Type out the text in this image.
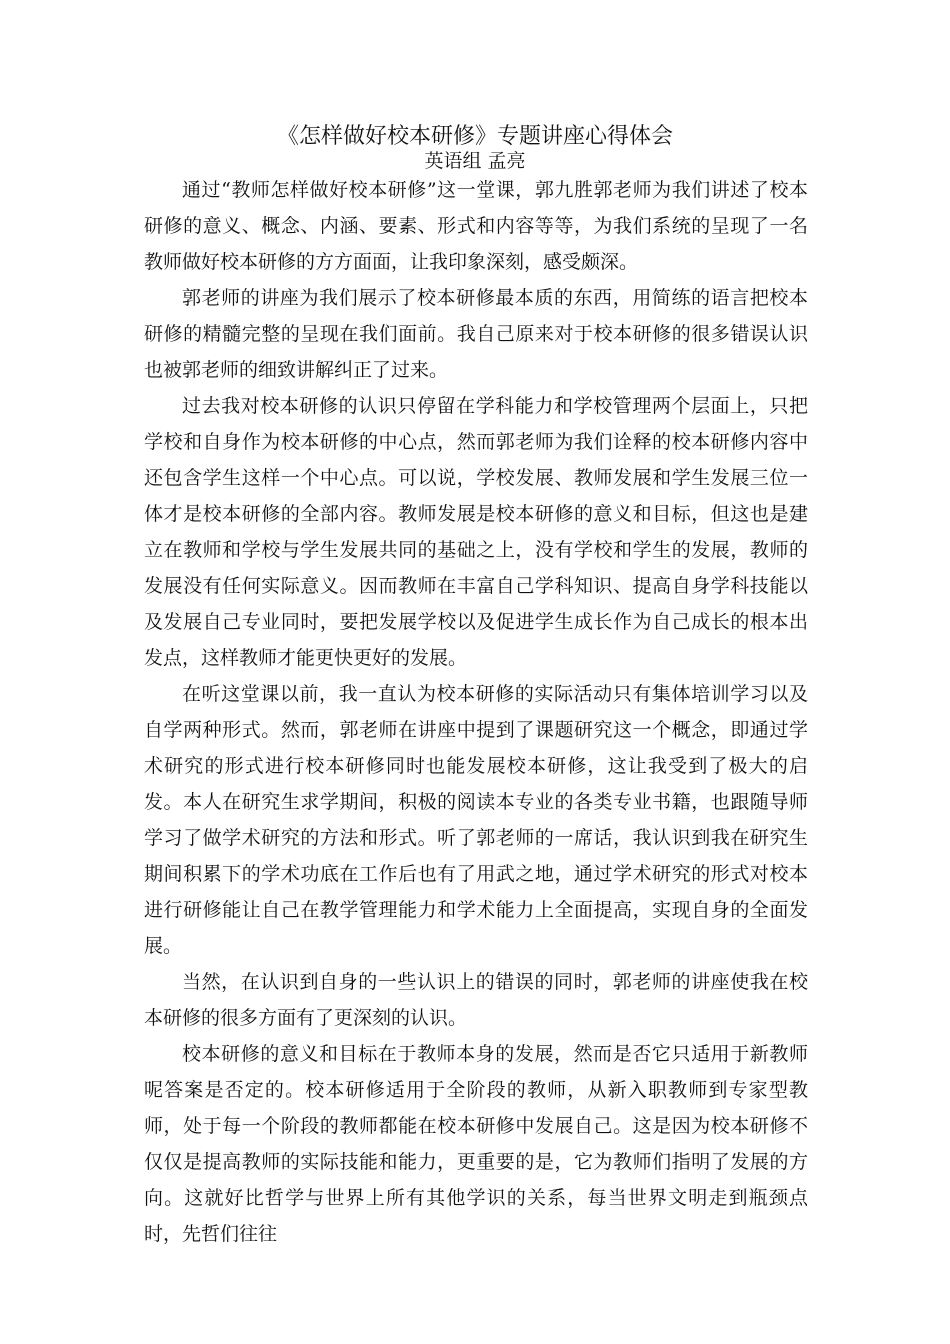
《怎样做好校本研修》专题讲座心得体会
英语组 孟亮

通过“教师怎样做好校本研修”这一堂课，郭九胜郭老师为我们讲述了校本研修的意义、概念、内涵、要素、形式和内容等等，为我们系统的呈现了一名教师做好校本研修的方方面面，让我印象深刻，感受颇深。

郭老师的讲座为我们展示了校本研修最本质的东西，用简练的语言把校本研修的精髓完整的呈现在我们面前。我自己原来对于校本研修的很多错误认识也被郭老师的细致讲解纠正了过来。

过去我对校本研修的认识只停留在学科能力和学校管理两个层面上，只把学校和自身作为校本研修的中心点，然而郭老师为我们诠释的校本研修内容中还包含学生这样一个中心点。可以说，学校发展、教师发展和学生发展三位一体才是校本研修的全部内容。教师发展是校本研修的意义和目标，但这也是建立在教师和学校与学生发展共同的基础之上，没有学校和学生的发展，教师的发展没有任何实际意义。因而教师在丰富自己学科知识、提高自身学科技能以及发展自己专业同时，要把发展学校以及促进学生成长作为自己成长的根本出发点，这样教师才能更快更好的发展。

在听这堂课以前，我一直认为校本研修的实际活动只有集体培训学习以及自学两种形式。然而，郭老师在讲座中提到了课题研究这一个概念，即通过学术研究的形式进行校本研修同时也能发展校本研修，这让我受到了极大的启发。本人在研究生求学期间，积极的阅读本专业的各类专业书籍，也跟随导师学习了做学术研究的方法和形式。听了郭老师的一席话，我认识到我在研究生期间积累下的学术功底在工作后也有了用武之地，通过学术研究的形式对校本进行研修能让自己在教学管理能力和学术能力上全面提高，实现自身的全面发展。

当然，在认识到自身的一些认识上的错误的同时，郭老师的讲座使我在校本研修的很多方面有了更深刻的认识。

校本研修的意义和目标在于教师本身的发展，然而是否它只适用于新教师呢答案是否定的。校本研修适用于全阶段的教师，从新入职教师到专家型教师，处于每一个阶段的教师都能在校本研修中发展自己。这是因为校本研修不仅仅是提高教师的实际技能和能力，更重要的是，它为教师们指明了发展的方向。这就好比哲学与世界上所有其他学识的关系，每当世界文明走到瓶颈点时，先哲们往往
